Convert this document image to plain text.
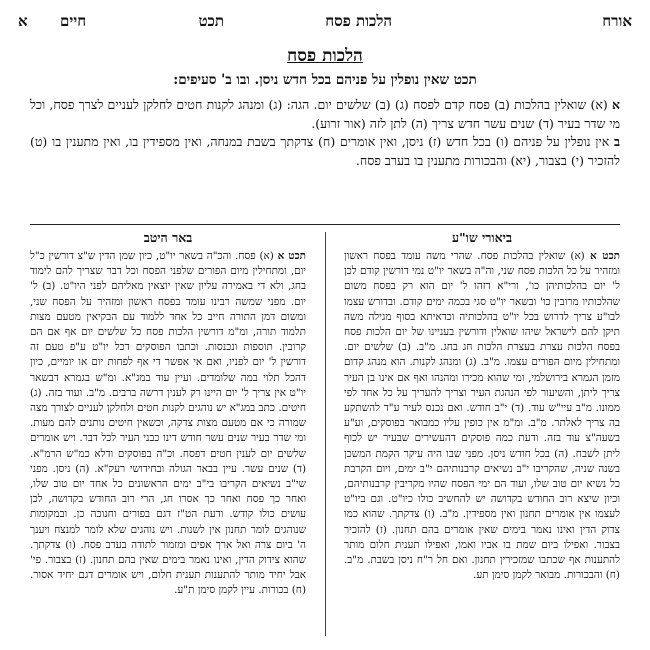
אורח
הלכות פסח
תכט
א חיים
הלכות פסח
תכט שאין נופלין על פניהם בכל חדש ניסן. ובו ב' סעיפים:

א (א) שואלין בהלכות (ב) פסח קדם לפסח (ג) (ב) שלשים יום. הגה: (ג) ומנהג לקנות חטים לחלקן לעניים לצרך פסח, וכל מי שדר בעיר (ד) שנים עשר חדש צריך (ה) לתן לזה (אור זרוע).

ב אין נופלין על פניהם (ו) בכל חדש (ז) ניסן, ואין אומרים (ח) צדקתך בשבת במנחה, ואין מספידין בו, ואין מתענין בו (ט) להזכיר (י) בצבור, (יא) והבכורות מתענין בו בערב פסח.

ביאורי שו"ע

תכט א (א) שואלין בהלכות פסח. שהרי משה עומד בפסח ראשון ומזהיר על כל הלכות פסח שני, וה"ה בשאר יו"ט נמי דורשין קודם לכן ל' יום בהלכותיהן כו', ורי"א דזהו ל' יום הוא רק בפסח משום שהלכותיו מרובין כו' ובשאר יו"ט סגי בכמה ימים קודם. ובדורש עצמו לבו"ע צריך לדרוש בכל יו"ט בהלכותיה וכדאיתא בסוף מגילה משה תיקן להם לישראל שיהו שואלין ודורשין בעניינו של יום הלכות פסח בפסח הלכות עצרת בעצרת הלכות חג בחג. מ"ב. (ב) שלשים יום. ומתחילין מיום הפורים עצמו. מ"ב. (ג) ומנהג לקנות. הוא מנהג קדום מזמן הגמרא בירושלמי, ומי שהוא מכירו ומהנהו ואף אם אינו בן העיר צריך ליתן, והשיעור לפי הנהגת העיר וצריך להעריך על כל אחד לפי ממונו. מ"ב עיי"ש עוד. (ד) י"ב חודש. ואם נכנס לעיר ע"ד להשתקע בה צריך לאלתר. מ"ב. ומ"מ אין כופין עליו כמבואר בפוסקים, וע"ע בשעה"צ עוד בזה. ודעת כמה פוסקים דהעשירים שבעיר יש לכוף ליתן לשבח. (ה) בכל חודש ניסן. מפני שבו היה עיקר הקמת המשכן בשנה שניה, שהקריבו י"ב נשיאים קרבנותיהם י"ב ימים, ויום הקרבת כל נשיא יום טוב שלו, ועוד הם ימי הפסח שהיו מקריבין קרבנותיהם, וכיון שיצא רוב החודש בקדושה יש להחשיב כולו כיו"ט. וגם ביו"ט לעצמו אין אומרים תחנון ואין מספידין. מ"ב. (ו) צדקתך. שהוא כמו צדוק הדין ואינו נאמר בימים שאין אומרים בהם תחנון. (ז) להזכיר בצבור. ואפילו ביום שמת בו אביו ואמו, ואפילו תענית חלום מותר להתענות אף שכתבו שמזכירין תחנון. ואם חל ר"ח ניסן בשבת. מ"ב. (ח) והבכורות. מבואר לקמן סימן תע.

באר היטב

תכט א (א) פסח. והכ"ה בשאר יו"ט, כיון שמן הדין ש"צ דורשין כ"ל יום, ומתחילין מיום הפורים שלפני הפסח וכל דבר שצריך להם לימוד בחג, ולא די באמירה עליון שאין יוצאין מאליהם לפני היו"ט. (ב) ל' יום. מפני שמשה רבינו עומד בפסח ראשון ומזהיר על הפסח שני, ומשום דמן התורה חייב כל אחד ללמוד עם הבקיאין מטעם מצות תלמוד תורה, ומ"מ דורשין הלכות פסח כל שלשים יום אף אם הם קרובין. תוספות ונכנסות. וכתבו הפוסקים דכל יו"ט ע"פ טעם זה דורשין ל' יום לפניו, ואם אי אפשר די אף לפחות יום או יומיים, כיון דהכל תלוי במה שלומדים. ועיין עוד במג"א. ומ"ש בגמרא דבשאר יו"ט אין צריך ל' יום היינו רק לענין דרשה ברבים. מ"ב. ועוד בזה. (ג) חיטים. כתב במג"א יש נוהגים לקנות חטים ולחלקן לעניים לצורך מצה שמורה כי אם מטעם מצות צדקה, וכשאין חיטים נותנים להם מעות. ומי שדר בעיר שנים עשר חודש דינו כבני העיר לכל דבר. ויש אומרים שלשים יום לענין חטים דפסח. וכ"ה בפוסקים ודלא כמ"ש הרמ"א. (ד) שנים עשר. עיין בבאר הגולה ובחידושי רעק"א. (ה) ניסן. מפני שי"ב נשיאים הקריבו בי"ב ימים הראשונים כל אחד יום טוב שלו, ואחר כך פסח ואחר כך אסרו חג, הרי רוב החודש בקדושה, לכן עושים כולו קודש. ודעת הט"ז דגם בפורים וחנוכה כן. ובמקומות שנוהגים לומר תחנון אין לשנות. ויש נוהגים שלא לומר למנצח ויענך ה' ביום צרה ואל ארך אפים ומזמור לתודה בערב פסח. (ו) צדקתך. שהוא צידוק הדין, ואינו נאמר בימים שאין בהם תחנון. (ז) בצבור. פי' אבל יחיד מותר להתענות תענית חלום, ויש אומרים דגם יחיד אסור. (ח) בכורות. עיין לקמן סימן ת"ע.
